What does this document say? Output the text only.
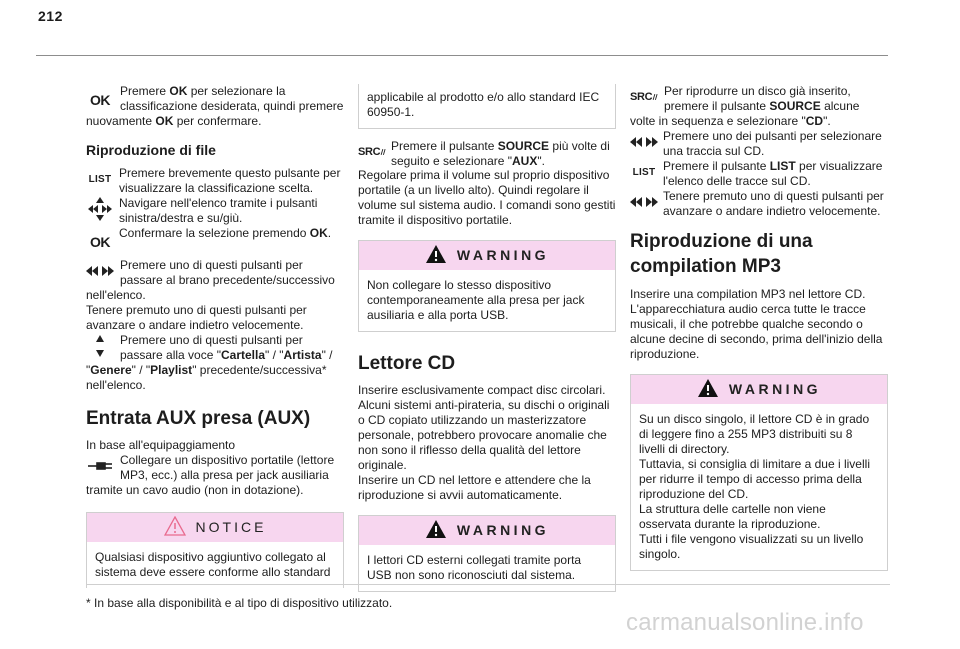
212

OK
Premere OK per selezionare la classificazione desiderata, quindi premere nuovamente OK per confermare.

Riproduzione di file
LIST Premere brevemente questo pulsante per visualizzare la classificazione scelta.
Navigare nell'elenco tramite i pulsanti sinistra/destra e su/giù.
OK
Confermare la selezione premendo OK.

Premere uno di questi pulsanti per passare al brano precedente/successivo nell'elenco.
Tenere premuto uno di questi pulsanti per avanzare o andare indietro velocemente.

Premere uno di questi pulsanti per passare alla voce "Cartella" / "Artista" / "Genere" / "Playlist" precedente/successiva* nell'elenco.

Entrata AUX presa (AUX)

In base all'equipaggiamento

Collegare un dispositivo portatile (lettore MP3, ecc.) alla presa per jack ausiliaria tramite un cavo audio (non in dotazione).

NOTICE
Qualsiasi dispositivo aggiuntivo collegato al sistema deve essere conforme allo standard
applicabile al prodotto e/o allo standard IEC 60950-1.
SRC Premere il pulsante SOURCE più volte di seguito e selezionare "AUX".

Regolare prima il volume sul proprio dispositivo portatile (a un livello alto). Quindi regolare il volume sul sistema audio. I comandi sono gestiti tramite il dispositivo portatile.

WARNING
Non collegare lo stesso dispositivo contemporaneamente alla presa per jack ausiliaria e alla porta USB.
Lettore CD

Inserire esclusivamente compact disc circolari. Alcuni sistemi anti-pirateria, su dischi o originali o CD copiato utilizzando un masterizzatore personale, potrebbero provocare anomalie che non sono il riflesso della qualità del lettore originale.

Inserire un CD nel lettore e attendere che la riproduzione si avvii automaticamente.

WARNING
I lettori CD esterni collegati tramite porta USB non sono riconosciuti dal sistema.

SRC Per riprodurre un disco già inserito, premere il pulsante SOURCE alcune volte in sequenza e selezionare "CD".

Premere uno dei pulsanti per selezionare una traccia sul CD.
LIST Premere il pulsante LIST per visualizzare l'elenco delle tracce sul CD.
Tenere premuto uno di questi pulsanti per avanzare o andare indietro velocemente.
Riproduzione di una compilation MP3

Inserire una compilation MP3 nel lettore CD. L'apparecchiatura audio cerca tutte le tracce musicali, il che potrebbe qualche secondo o alcune decine di secondo, prima dell'inizio della riproduzione.

WARNING
Su un disco singolo, il lettore CD è in grado di leggere fino a 255 MP3 distribuiti su 8 livelli di directory.
Tuttavia, si consiglia di limitare a due i livelli per ridurre il tempo di accesso prima della riproduzione del CD.
La struttura delle cartelle non viene osservata durante la riproduzione.
Tutti i file vengono visualizzati su un livello singolo.
* In base alla disponibilità e al tipo di dispositivo utilizzato.
carmanualsonline.info
